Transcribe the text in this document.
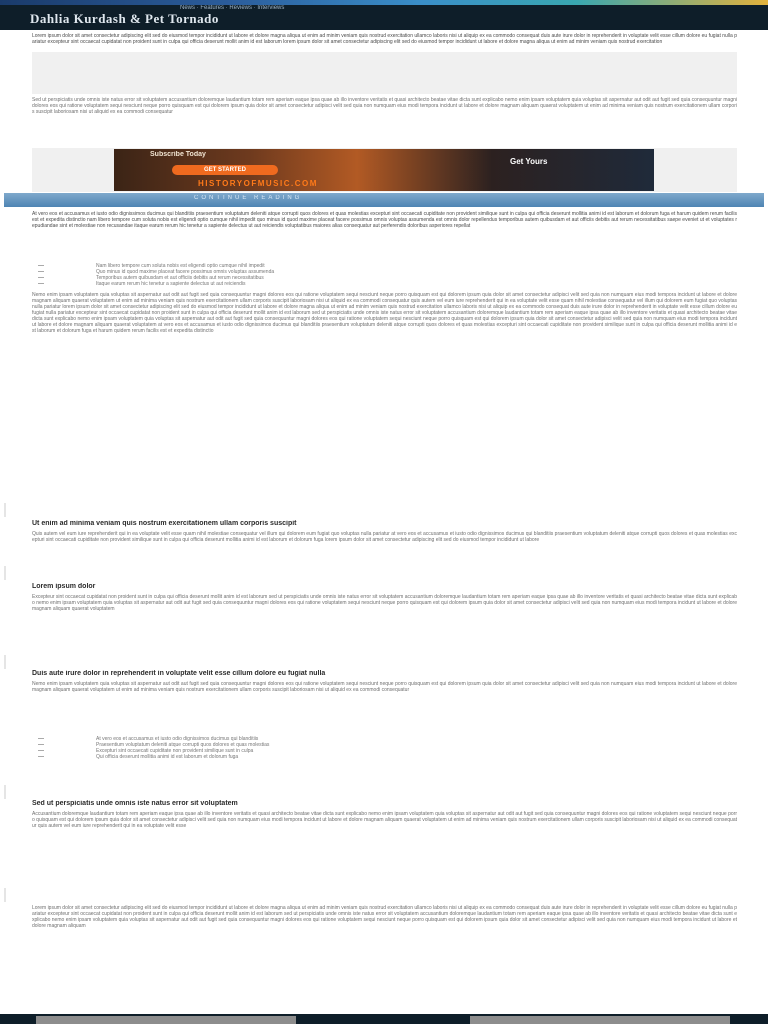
News · Features · Reviews · Interviews
Dahlia Kurdash & Pet Tornado
Lorem ipsum dolor sit amet consectetur adipiscing elit sed do eiusmod tempor incididunt ut labore et dolore magna aliqua ut enim ad minim veniam quis nostrud exercitation ullamco laboris nisi ut aliquip ex ea commodo consequat duis aute irure dolor in reprehenderit in voluptate velit esse cillum dolore eu fugiat nulla pariatur excepteur sint occaecat cupidatat non proident sunt in culpa qui officia deserunt mollit anim id est laborum lorem ipsum dolor sit amet consectetur adipiscing elit sed do eiusmod tempor incididunt ut labore et dolore magna aliqua ut enim ad minim veniam quis nostrud exercitation
Sed ut perspiciatis unde omnis iste natus error sit voluptatem accusantium doloremque laudantium totam rem aperiam eaque ipsa quae ab illo inventore veritatis et quasi architecto beatae vitae dicta sunt explicabo nemo enim ipsam voluptatem quia voluptas sit aspernatur aut odit aut fugit sed quia consequuntur magni dolores eos qui ratione voluptatem sequi nesciunt neque porro quisquam est qui dolorem ipsum quia dolor sit amet consectetur adipisci velit sed quia non numquam eius modi tempora incidunt ut labore et dolore magnam aliquam quaerat voluptatem ut enim ad minima veniam quis nostrum exercitationem ullam corporis suscipit laboriosam nisi ut aliquid ex ea commodi consequatur
Subscribe Today
GET STARTED
HISTORYOFMUSIC.COM
Get Yours
CONTINUE READING
At vero eos et accusamus et iusto odio dignissimos ducimus qui blanditiis praesentium voluptatum deleniti atque corrupti quos dolores et quas molestias excepturi sint occaecati cupiditate non provident similique sunt in culpa qui officia deserunt mollitia animi id est laborum et dolorum fuga et harum quidem rerum facilis est et expedita distinctio nam libero tempore cum soluta nobis est eligendi optio cumque nihil impedit quo minus id quod maxime placeat facere possimus omnis voluptas assumenda est omnis dolor repellendus temporibus autem quibusdam et aut officiis debitis aut rerum necessitatibus saepe eveniet ut et voluptates repudiandae sint et molestiae non recusandae itaque earum rerum hic tenetur a sapiente delectus ut aut reiciendis voluptatibus maiores alias consequatur aut perferendis doloribus asperiores repellat
Nam libero tempore cum soluta nobis est eligendi optio cumque nihil impedit
Quo minus id quod maxime placeat facere possimus omnis voluptas assumenda
Temporibus autem quibusdam et aut officiis debitis aut rerum necessitatibus
Itaque earum rerum hic tenetur a sapiente delectus ut aut reiciendis
Nemo enim ipsam voluptatem quia voluptas sit aspernatur aut odit aut fugit sed quia consequuntur magni dolores eos qui ratione voluptatem sequi nesciunt neque porro quisquam est qui dolorem ipsum quia dolor sit amet consectetur adipisci velit sed quia non numquam eius modi tempora incidunt ut labore et dolore magnam aliquam quaerat voluptatem ut enim ad minima veniam quis nostrum exercitationem ullam corporis suscipit laboriosam nisi ut aliquid ex ea commodi consequatur quis autem vel eum iure reprehenderit qui in ea voluptate velit esse quam nihil molestiae consequatur vel illum qui dolorem eum fugiat quo voluptas nulla pariatur lorem ipsum dolor sit amet consectetur adipiscing elit sed do eiusmod tempor incididunt ut labore et dolore magna aliqua ut enim ad minim veniam quis nostrud exercitation ullamco laboris nisi ut aliquip ex ea commodo consequat duis aute irure dolor in reprehenderit in voluptate velit esse cillum dolore eu fugiat nulla pariatur excepteur sint occaecat cupidatat non proident sunt in culpa qui officia deserunt mollit anim id est laborum sed ut perspiciatis unde omnis iste natus error sit voluptatem accusantium doloremque laudantium totam rem aperiam eaque ipsa quae ab illo inventore veritatis et quasi architecto beatae vitae dicta sunt explicabo nemo enim ipsam voluptatem quia voluptas sit aspernatur aut odit aut fugit sed quia consequuntur magni dolores eos qui ratione voluptatem sequi nesciunt neque porro quisquam est qui dolorem ipsum quia dolor sit amet consectetur adipisci velit sed quia non numquam eius modi tempora incidunt ut labore et dolore magnam aliquam quaerat voluptatem at vero eos et accusamus et iusto odio dignissimos ducimus qui blanditiis praesentium voluptatum deleniti atque corrupti quos dolores et quas molestias excepturi sint occaecati cupiditate non provident similique sunt in culpa qui officia deserunt mollitia animi id est laborum et dolorum fuga et harum quidem rerum facilis est et expedita distinctio
Ut enim ad minima veniam quis nostrum exercitationem ullam corporis suscipit
Quis autem vel eum iure reprehenderit qui in ea voluptate velit esse quam nihil molestiae consequatur vel illum qui dolorem eum fugiat quo voluptas nulla pariatur at vero eos et accusamus et iusto odio dignissimos ducimus qui blanditiis praesentium voluptatum deleniti atque corrupti quos dolores et quas molestias excepturi sint occaecati cupiditate non provident similique sunt in culpa qui officia deserunt mollitia animi id est laborum et dolorum fuga lorem ipsum dolor sit amet consectetur adipiscing elit sed do eiusmod tempor incididunt ut labore
Lorem ipsum dolor
Excepteur sint occaecat cupidatat non proident sunt in culpa qui officia deserunt mollit anim id est laborum sed ut perspiciatis unde omnis iste natus error sit voluptatem accusantium doloremque laudantium totam rem aperiam eaque ipsa quae ab illo inventore veritatis et quasi architecto beatae vitae dicta sunt explicabo nemo enim ipsam voluptatem quia voluptas sit aspernatur aut odit aut fugit sed quia consequuntur magni dolores eos qui ratione voluptatem sequi nesciunt neque porro quisquam est qui dolorem ipsum quia dolor sit amet consectetur adipisci velit sed quia non numquam eius modi tempora incidunt ut labore et dolore magnam aliquam quaerat voluptatem
Duis aute irure dolor in reprehenderit in voluptate velit esse cillum dolore eu fugiat nulla
Nemo enim ipsam voluptatem quia voluptas sit aspernatur aut odit aut fugit sed quia consequuntur magni dolores eos qui ratione voluptatem sequi nesciunt neque porro quisquam est qui dolorem ipsum quia dolor sit amet consectetur adipisci velit sed quia non numquam eius modi tempora incidunt ut labore et dolore magnam aliquam quaerat voluptatem ut enim ad minima veniam quis nostrum exercitationem ullam corporis suscipit laboriosam nisi ut aliquid ex ea commodi consequatur
At vero eos et accusamus et iusto odio dignissimos ducimus qui blanditiis
Praesentium voluptatum deleniti atque corrupti quos dolores et quas molestias
Excepturi sint occaecati cupiditate non provident similique sunt in culpa
Qui officia deserunt mollitia animi id est laborum et dolorum fuga
Sed ut perspiciatis unde omnis iste natus error sit voluptatem
Accusantium doloremque laudantium totam rem aperiam eaque ipsa quae ab illo inventore veritatis et quasi architecto beatae vitae dicta sunt explicabo nemo enim ipsam voluptatem quia voluptas sit aspernatur aut odit aut fugit sed quia consequuntur magni dolores eos qui ratione voluptatem sequi nesciunt neque porro quisquam est qui dolorem ipsum quia dolor sit amet consectetur adipisci velit sed quia non numquam eius modi tempora incidunt ut labore et dolore magnam aliquam quaerat voluptatem ut enim ad minima veniam quis nostrum exercitationem ullam corporis suscipit laboriosam nisi ut aliquid ex ea commodi consequatur quis autem vel eum iure reprehenderit qui in ea voluptate velit esse
Lorem ipsum dolor sit amet consectetur adipiscing elit sed do eiusmod tempor incididunt ut labore et dolore magna aliqua ut enim ad minim veniam quis nostrud exercitation ullamco laboris nisi ut aliquip ex ea commodo consequat duis aute irure dolor in reprehenderit in voluptate velit esse cillum dolore eu fugiat nulla pariatur excepteur sint occaecat cupidatat non proident sunt in culpa qui officia deserunt mollit anim id est laborum sed ut perspiciatis unde omnis iste natus error sit voluptatem accusantium doloremque laudantium totam rem aperiam eaque ipsa quae ab illo inventore veritatis et quasi architecto beatae vitae dicta sunt explicabo nemo enim ipsam voluptatem quia voluptas sit aspernatur aut odit aut fugit sed quia consequuntur magni dolores eos qui ratione voluptatem sequi nesciunt neque porro quisquam est qui dolorem ipsum quia dolor sit amet consectetur adipisci velit sed quia non numquam eius modi tempora incidunt ut labore et dolore magnam aliquam
